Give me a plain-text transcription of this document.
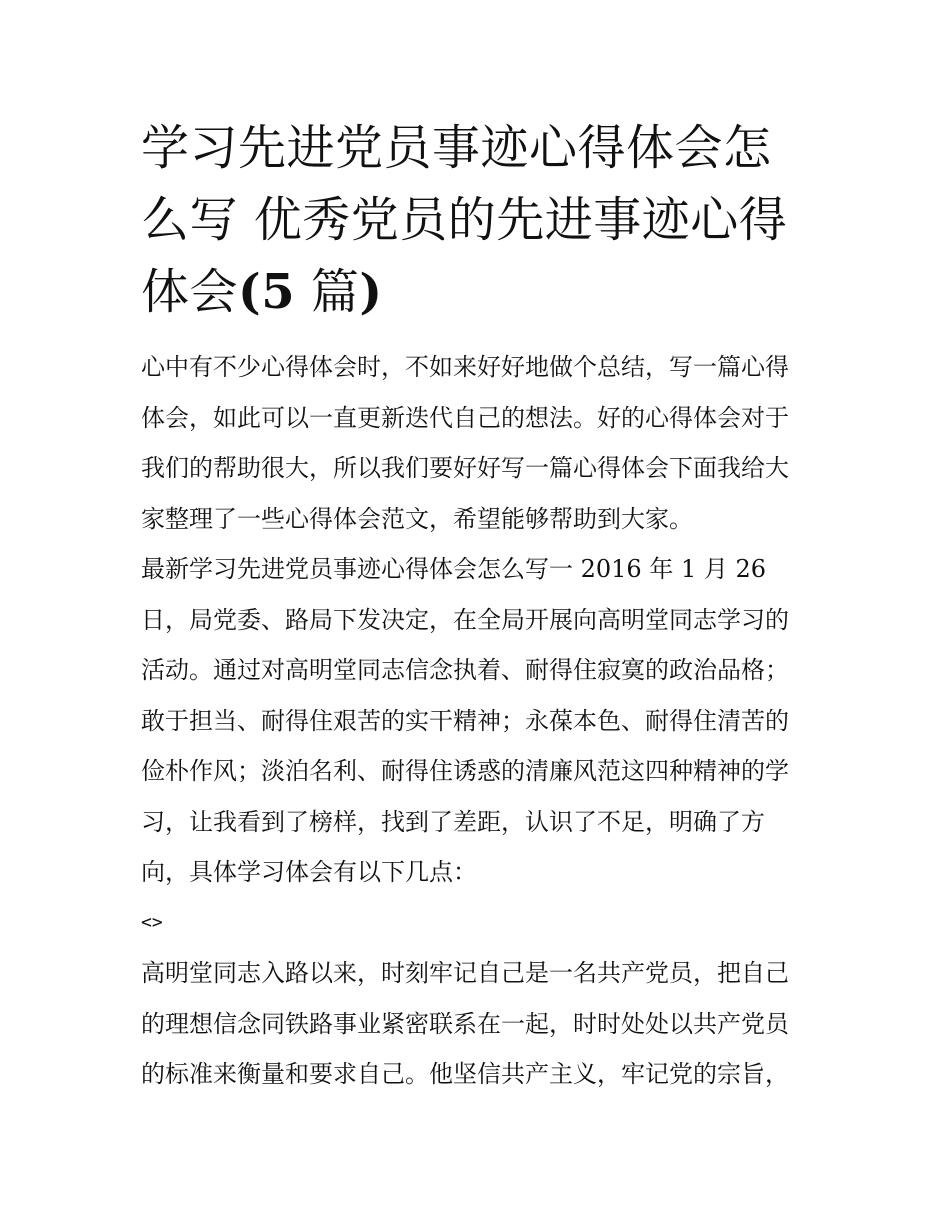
学习先进党员事迹心得体会怎
么写 优秀党员的先进事迹心得
体会(5 篇)

心中有不少心得体会时，不如来好好地做个总结，写一篇心得
体会，如此可以一直更新迭代自己的想法。好的心得体会对于
我们的帮助很大，所以我们要好好写一篇心得体会下面我给大
家整理了一些心得体会范文，希望能够帮助到大家。

最新学习先进党员事迹心得体会怎么写一 2016 年 1 月 26
日，局党委、路局下发决定，在全局开展向高明堂同志学习的
活动。通过对高明堂同志信念执着、耐得住寂寞的政治品格；
敢于担当、耐得住艰苦的实干精神；永葆本色、耐得住清苦的
俭朴作风；淡泊名利、耐得住诱惑的清廉风范这四种精神的学
习，让我看到了榜样，找到了差距，认识了不足，明确了方
向，具体学习体会有以下几点：

<>

高明堂同志入路以来，时刻牢记自己是一名共产党员，把自己
的理想信念同铁路事业紧密联系在一起，时时处处以共产党员
的标准来衡量和要求自己。他坚信共产主义，牢记党的宗旨，
